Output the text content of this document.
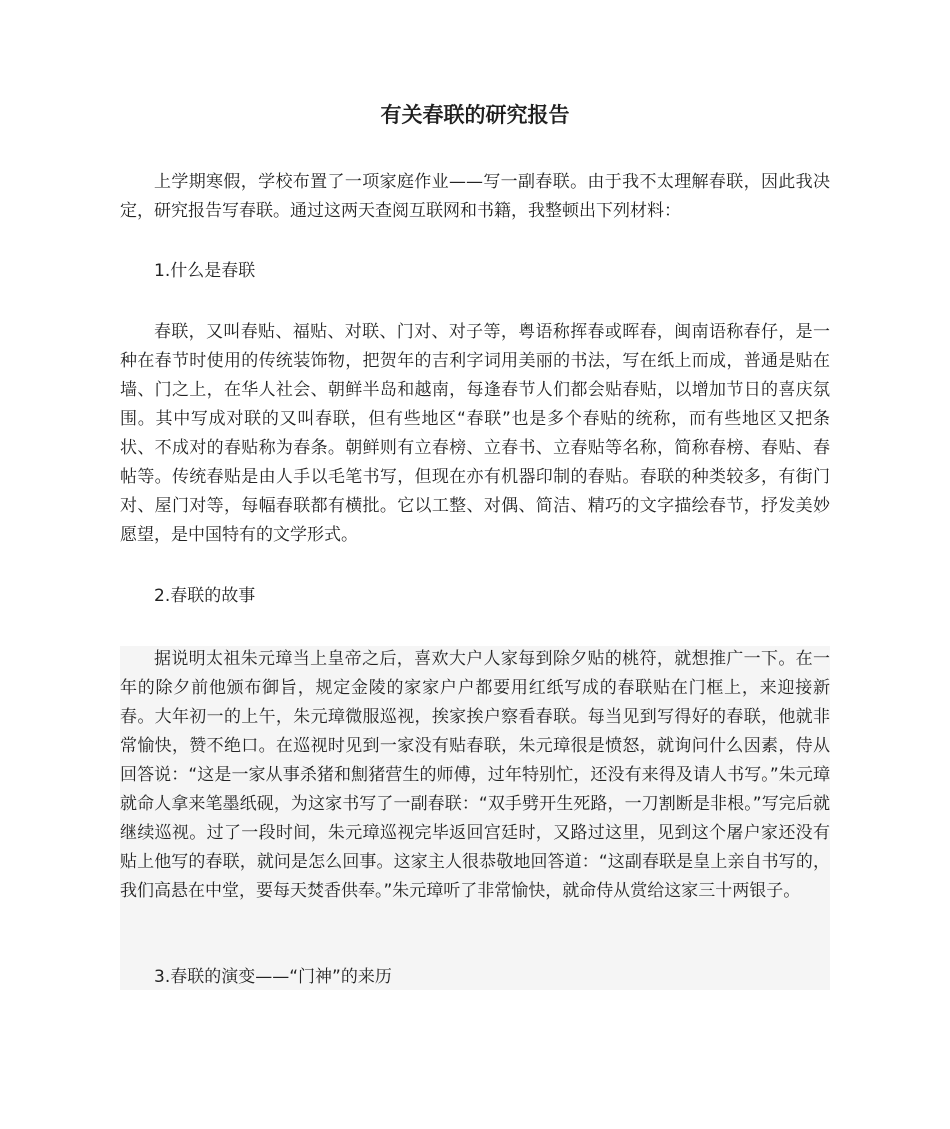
有关春联的研究报告

上学期寒假，学校布置了一项家庭作业——写一副春联。由于我不太理解春联，因此我决定，研究报告写春联。通过这两天查阅互联网和书籍，我整顿出下列材料：

1.什么是春联

春联，又叫春贴、福贴、对联、门对、对子等，粤语称挥春或晖春，闽南语称春仔，是一种在春节时使用的传统装饰物，把贺年的吉利字词用美丽的书法，写在纸上而成，普通是贴在墙、门之上，在华人社会、朝鲜半岛和越南，每逢春节人们都会贴春贴，以增加节日的喜庆氛围。其中写成对联的又叫春联，但有些地区“春联”也是多个春贴的统称，而有些地区又把条状、不成对的春贴称为春条。朝鲜则有立春榜、立春书、立春贴等名称，简称春榜、春贴、春帖等。传统春贴是由人手以毛笔书写，但现在亦有机器印制的春贴。春联的种类较多，有街门对、屋门对等，每幅春联都有横批。它以工整、对偶、简洁、精巧的文字描绘春节，抒发美妙愿望，是中国特有的文学形式。

2.春联的故事

据说明太祖朱元璋当上皇帝之后，喜欢大户人家每到除夕贴的桃符，就想推广一下。在一年的除夕前他颁布御旨，规定金陵的家家户户都要用红纸写成的春联贴在门框上，来迎接新春。大年初一的上午，朱元璋微服巡视，挨家挨户察看春联。每当见到写得好的春联，他就非常愉快，赞不绝口。在巡视时见到一家没有贴春联，朱元璋很是愤怒，就询问什么因素，侍从回答说：“这是一家从事杀猪和劁猪营生的师傅，过年特别忙，还没有来得及请人书写。”朱元璋就命人拿来笔墨纸砚，为这家书写了一副春联：“双手劈开生死路，一刀割断是非根。”写完后就继续巡视。过了一段时间，朱元璋巡视完毕返回宫廷时，又路过这里，见到这个屠户家还没有贴上他写的春联，就问是怎么回事。这家主人很恭敬地回答道：“这副春联是皇上亲自书写的，我们高悬在中堂，要每天焚香供奉。”朱元璋听了非常愉快，就命侍从赏给这家三十两银子。

3.春联的演变——“门神”的来历
